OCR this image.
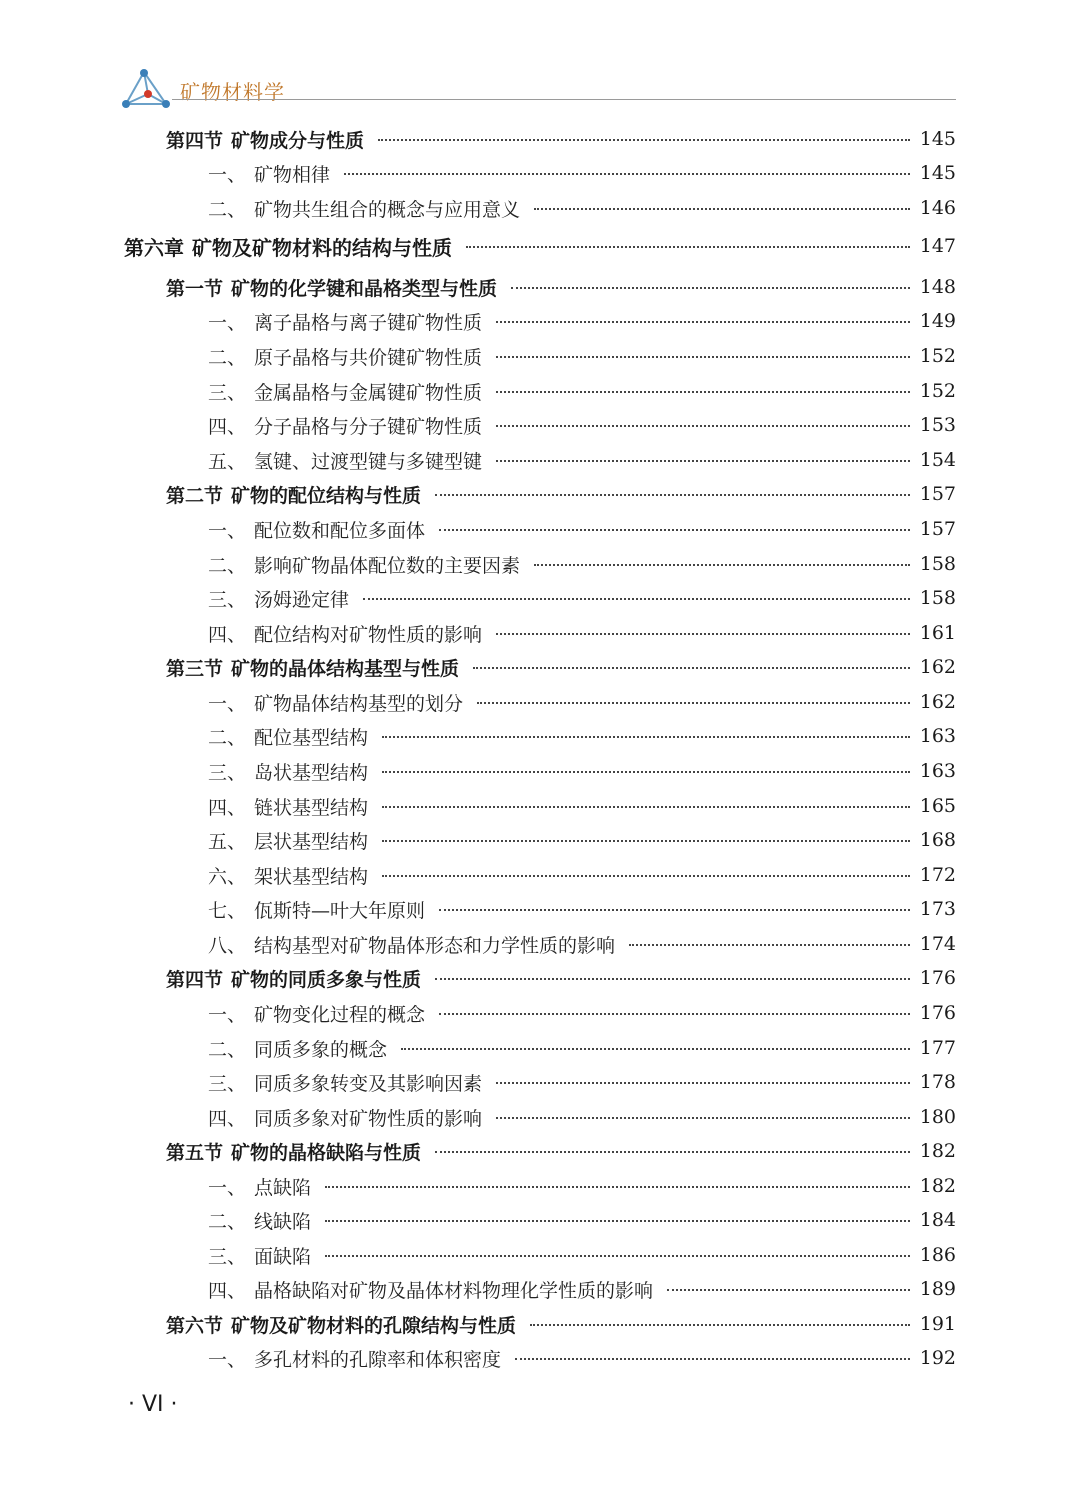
矿物材料学
第四节 矿物成分与性质	145
一、 矿物相律	145
二、 矿物共生组合的概念与应用意义	146
第六章 矿物及矿物材料的结构与性质	147
第一节 矿物的化学键和晶格类型与性质	148
一、 离子晶格与离子键矿物性质	149
二、 原子晶格与共价键矿物性质	152
三、 金属晶格与金属键矿物性质	152
四、 分子晶格与分子键矿物性质	153
五、 氢键、过渡型键与多键型键	154
第二节 矿物的配位结构与性质	157
一、 配位数和配位多面体	157
二、 影响矿物晶体配位数的主要因素	158
三、 汤姆逊定律	158
四、 配位结构对矿物性质的影响	161
第三节 矿物的晶体结构基型与性质	162
一、 矿物晶体结构基型的划分	162
二、 配位基型结构	163
三、 岛状基型结构	163
四、 链状基型结构	165
五、 层状基型结构	168
六、 架状基型结构	172
七、 佤斯特—叶大年原则	173
八、 结构基型对矿物晶体形态和力学性质的影响	174
第四节 矿物的同质多象与性质	176
一、 矿物变化过程的概念	176
二、 同质多象的概念	177
三、 同质多象转变及其影响因素	178
四、 同质多象对矿物性质的影响	180
第五节 矿物的晶格缺陷与性质	182
一、 点缺陷	182
二、 线缺陷	184
三、 面缺陷	186
四、 晶格缺陷对矿物及晶体材料物理化学性质的影响	189
第六节 矿物及矿物材料的孔隙结构与性质	191
一、 多孔材料的孔隙率和体积密度	192
· VI ·
